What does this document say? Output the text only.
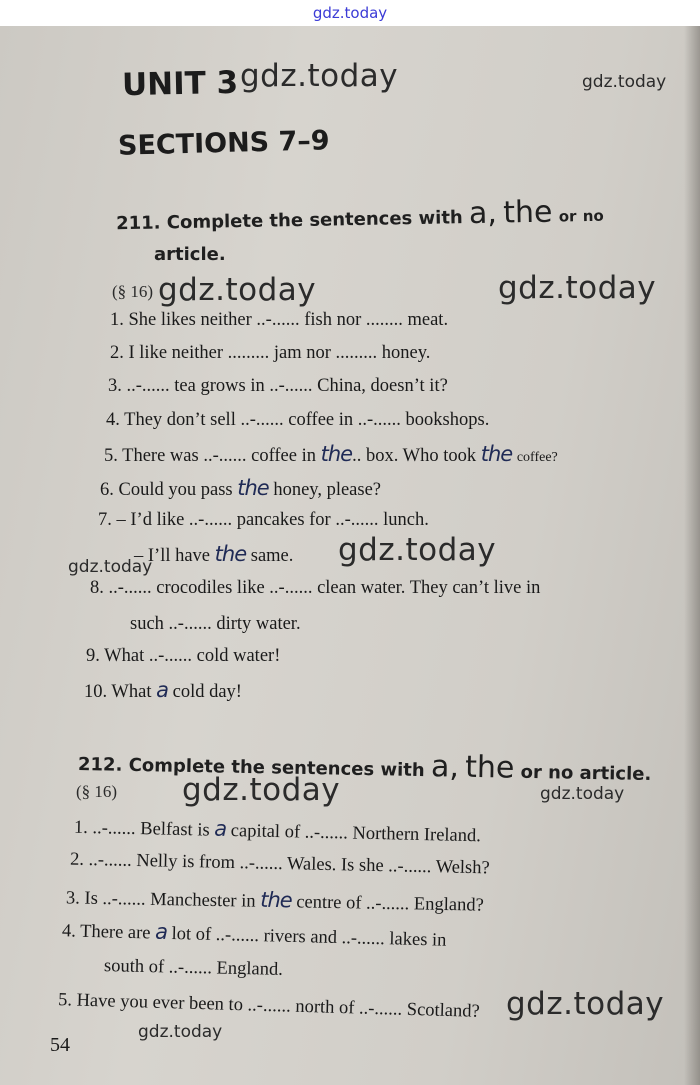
gdz.today
UNIT 3 gdz.today	gdz.today
SECTIONS 7–9
211. Complete the sentences with a, the or no
article.
(§ 16) gdz.today	gdz.today
1. She likes neither ..-...... fish nor ........ meat.
2. I like neither ......... jam nor ......... honey.
3. ..-...... tea grows in ..-...... China, doesn’t it?
4. They don’t sell ..-...... coffee in ..-...... bookshops.
5. There was ..-...... coffee in the.. box. Who took the coffee?
6. Could you pass the honey, please?
7. – I’d like ..-...... pancakes for ..-...... lunch.
– I’ll have the same.
gdz.today	gdz.today
8. ..-...... crocodiles like ..-...... clean water. They can’t live in
such ..-...... dirty water.
9. What ..-...... cold water!
10. What a cold day!
212. Complete the sentences with a, the or no article.
(§ 16) gdz.today	gdz.today
1. ..-...... Belfast is a capital of ..-...... Northern Ireland.
2. ..-...... Nelly is from ..-...... Wales. Is she ..-...... Welsh?
3. Is ..-...... Manchester in the centre of ..-...... England?
4. There are a lot of ..-...... rivers and ..-...... lakes in
south of ..-...... England.
gdz.today
5. Have you ever been to ..-...... north of ..-...... Scotland?
gdz.today
54
